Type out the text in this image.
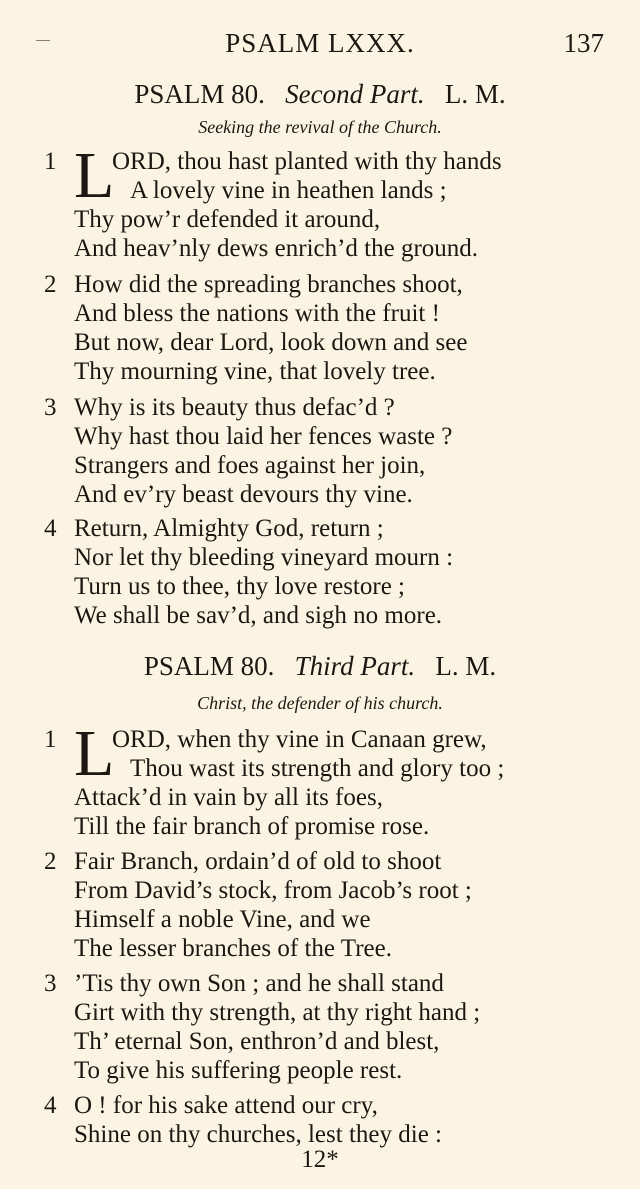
PSALM LXXX.	137
PSALM 80. Second Part. L. M.
Seeking the revival of the Church.
1 L
ORD, thou hast planted with thy hands
A lovely vine in heathen lands ;
Thy pow’r defended it around,
And heav’nly dews enrich’d the ground.
2 How did the spreading branches shoot,
And bless the nations with the fruit !
But now, dear Lord, look down and see
Thy mourning vine, that lovely tree.
3 Why is its beauty thus defac’d ?
Why hast thou laid her fences waste ?
Strangers and foes against her join,
And ev’ry beast devours thy vine.
4 Return, Almighty God, return ;
Nor let thy bleeding vineyard mourn :
Turn us to thee, thy love restore ;
We shall be sav’d, and sigh no more.
PSALM 80. Third Part. L. M.
Christ, the defender of his church.
1 L
ORD, when thy vine in Canaan grew,
Thou wast its strength and glory too ;
Attack’d in vain by all its foes,
Till the fair branch of promise rose.
2 Fair Branch, ordain’d of old to shoot
From David’s stock, from Jacob’s root ;
Himself a noble Vine, and we
The lesser branches of the Tree.
3 ’Tis thy own Son ; and he shall stand
Girt with thy strength, at thy right hand ;
Th’ eternal Son, enthron’d and blest,
To give his suffering people rest.
4 O ! for his sake attend our cry,
Shine on thy churches, lest they die :
12*
